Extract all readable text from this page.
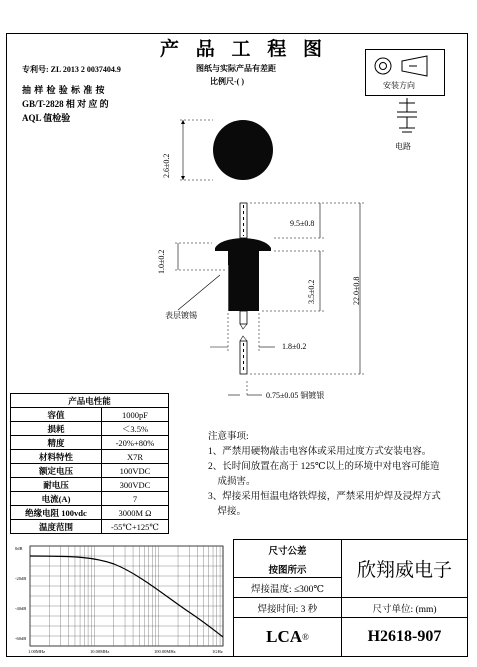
产 品 工 程 图
专利号: ZL 2013 2 0037404.9	图纸与实际产品有差距
比例尺-( )
抽 样 检 验 标 准 按
GB/T-2828 相 对 应 的
AQL 值检验
安装方向
电路
2.6±0.2
9.5±0.8
1.0±0.2
3.5±0.2	22.0±0.8
1.8±0.2
0.75±0.05 铜镀银
表层镀锡
产品电性能	
容值	1000pF
损耗	＜3.5%
精度	-20%+80%
材料特性	X7R
额定电压	100VDC
耐电压	300VDC
电流(A)	7
绝缘电阻 100vdc	3000M Ω
温度范围	-55℃+125℃
注意事项:
1、严禁用硬物敲击电容体或采用过度方式安装电容。
2、长时间放置在高于 125℃以上的环境中对电容可能造
成损害。
3、焊接采用恒温电烙铁焊接，严禁采用炉焊及浸焊方式
焊接。
0dB
-20dB
-40dB
-60dB
1.00MHz	10.00MHz	100.00MHz	1GHz
尺寸公差
按图所示
焊接温度: ≤300℃
焊接时间: 3 秒
欣翔威电子
尺寸单位: (mm)
LCA ®	H2618-907
